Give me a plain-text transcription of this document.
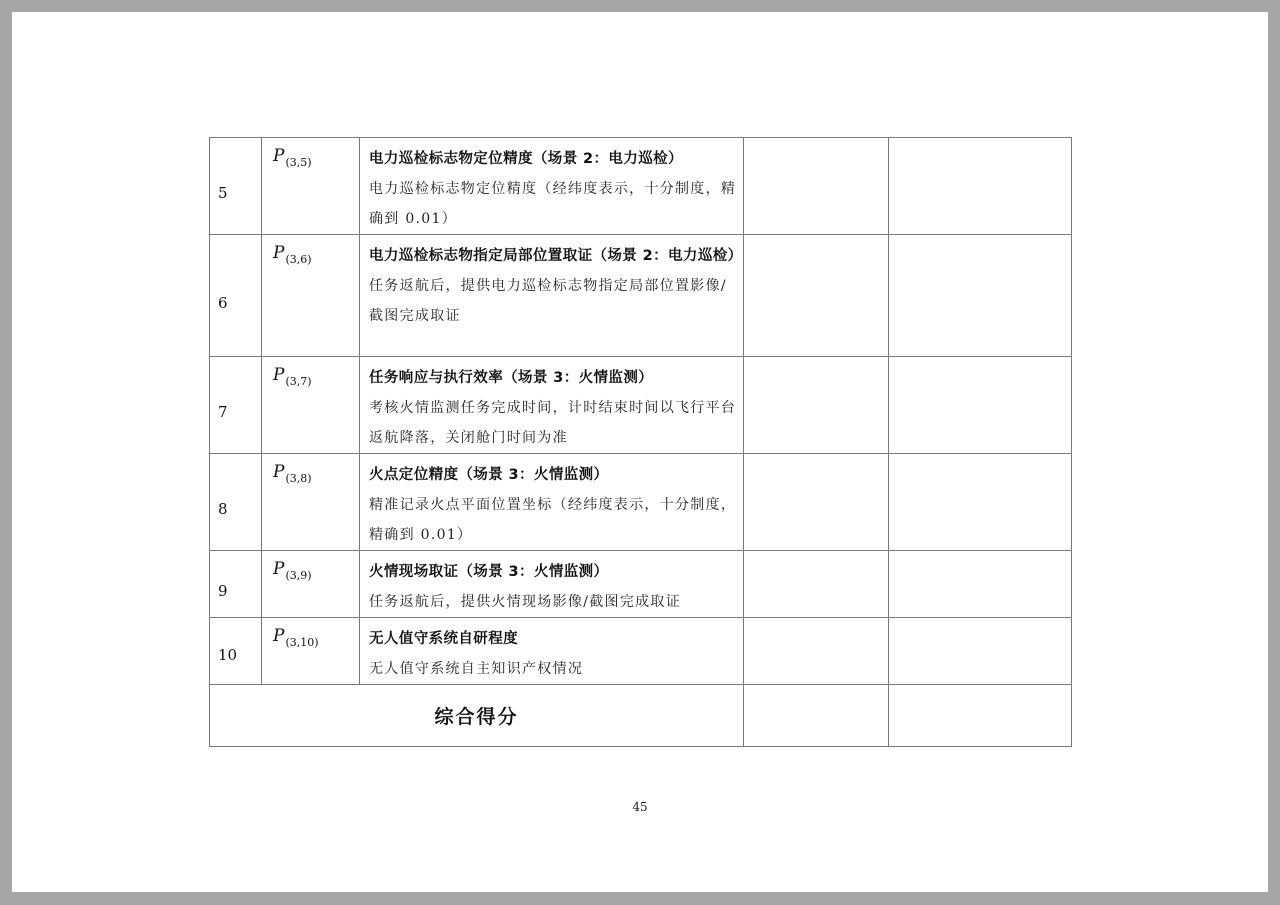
5	$P_{(3,5)}$	电力巡检标志物定位精度（场景 2：电力巡检）
电力巡检标志物定位精度（经纬度表示，十分制度，精确到 0.01）		

6	$P_{(3,6)}$	电力巡检标志物指定局部位置取证（场景 2：电力巡检）
任务返航后，提供电力巡检标志物指定局部位置影像/截图完成取证		

7	$P_{(3,7)}$	任务响应与执行效率（场景 3：火情监测）
考核火情监测任务完成时间，计时结束时间以飞行平台返航降落，关闭舱门时间为准		

8	$P_{(3,8)}$	火点定位精度（场景 3：火情监测）
精准记录火点平面位置坐标（经纬度表示，十分制度，精确到 0.01）		

9	$P_{(3,9)}$	火情现场取证（场景 3：火情监测）
任务返航后，提供火情现场影像/截图完成取证		

10	$P_{(3,10)}$	无人值守系统自研程度
无人值守系统自主知识产权情况		

综合得分				
45
